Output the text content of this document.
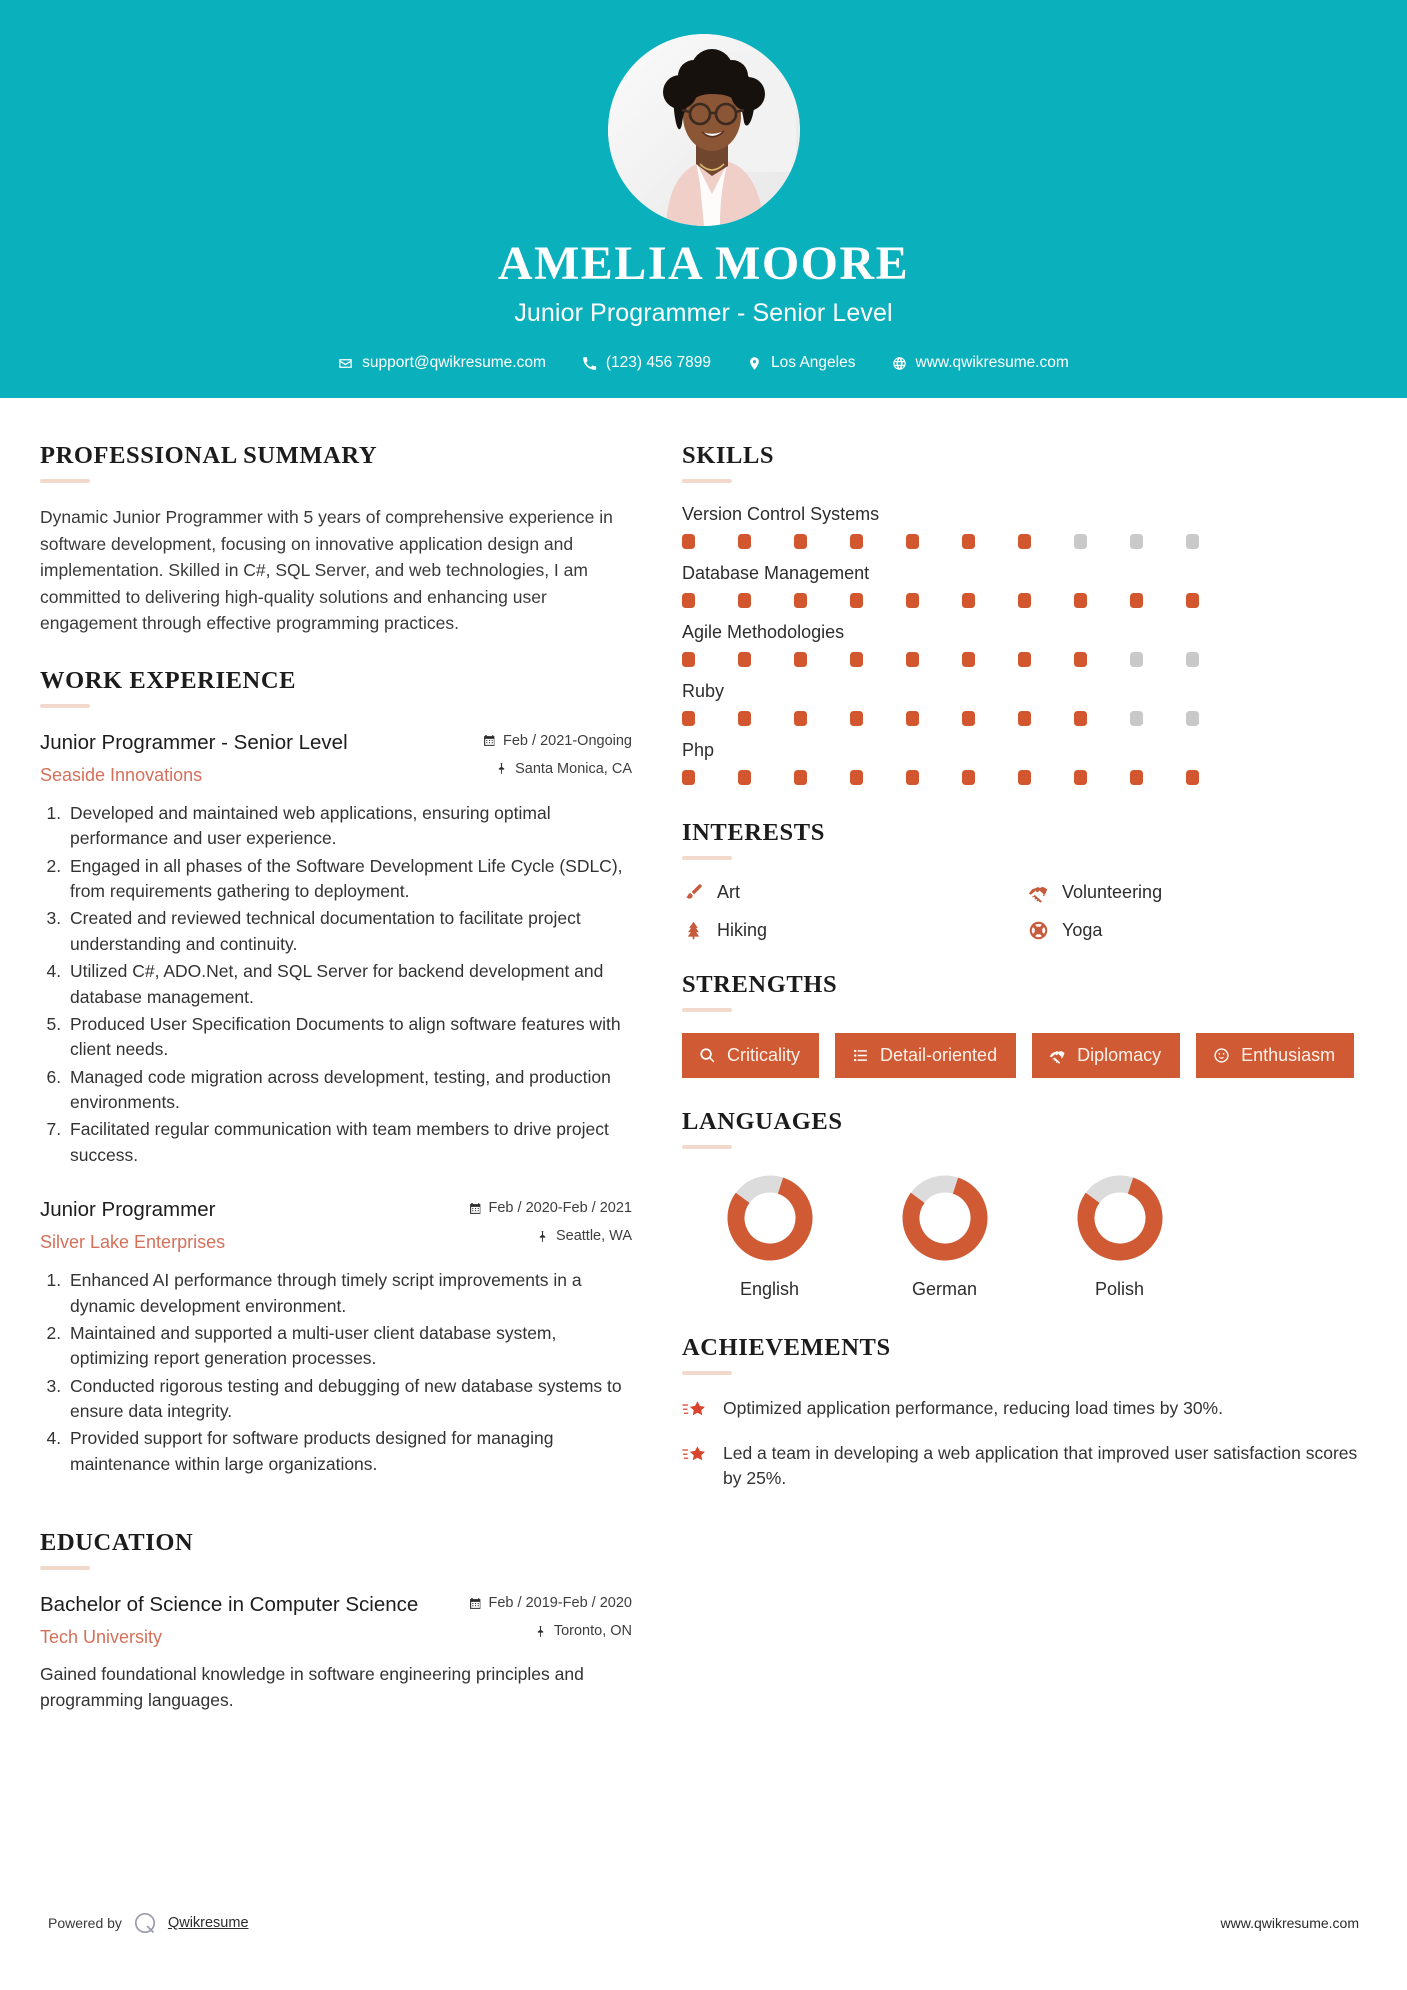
AMELIA MOORE
Junior Programmer - Senior Level
support@qwikresume.com	(123) 456 7899	Los Angeles	www.qwikresume.com
PROFESSIONAL SUMMARY
Dynamic Junior Programmer with 5 years of comprehensive experience in software development, focusing on innovative application design and implementation. Skilled in C#, SQL Server, and web technologies, I am committed to delivering high-quality solutions and enhancing user engagement through effective programming practices.
WORK EXPERIENCE
Junior Programmer - Senior Level
Seaside Innovations
Feb / 2021-Ongoing
Santa Monica, CA
1. Developed and maintained web applications, ensuring optimal performance and user experience.
2. Engaged in all phases of the Software Development Life Cycle (SDLC), from requirements gathering to deployment.
3. Created and reviewed technical documentation to facilitate project understanding and continuity.
4. Utilized C#, ADO.Net, and SQL Server for backend development and database management.
5. Produced User Specification Documents to align software features with client needs.
6. Managed code migration across development, testing, and production environments.
7. Facilitated regular communication with team members to drive project success.
Junior Programmer
Silver Lake Enterprises
Feb / 2020-Feb / 2021
Seattle, WA
1. Enhanced AI performance through timely script improvements in a dynamic development environment.
2. Maintained and supported a multi-user client database system, optimizing report generation processes.
3. Conducted rigorous testing and debugging of new database systems to ensure data integrity.
4. Provided support for software products designed for managing maintenance within large organizations.
EDUCATION
Bachelor of Science in Computer Science
Tech University
Feb / 2019-Feb / 2020
Toronto, ON
Gained foundational knowledge in software engineering principles and programming languages.
SKILLS
Version Control Systems
Database Management
Agile Methodologies
Ruby
Php
INTERESTS
Art	Volunteering
Hiking	Yoga
STRENGTHS
Criticality	Detail-oriented	Diplomacy	Enthusiasm
LANGUAGES
English	German	Polish
ACHIEVEMENTS
Optimized application performance, reducing load times by 30%.
Led a team in developing a web application that improved user satisfaction scores by 25%.
Powered by	Qwikresume	www.qwikresume.com
